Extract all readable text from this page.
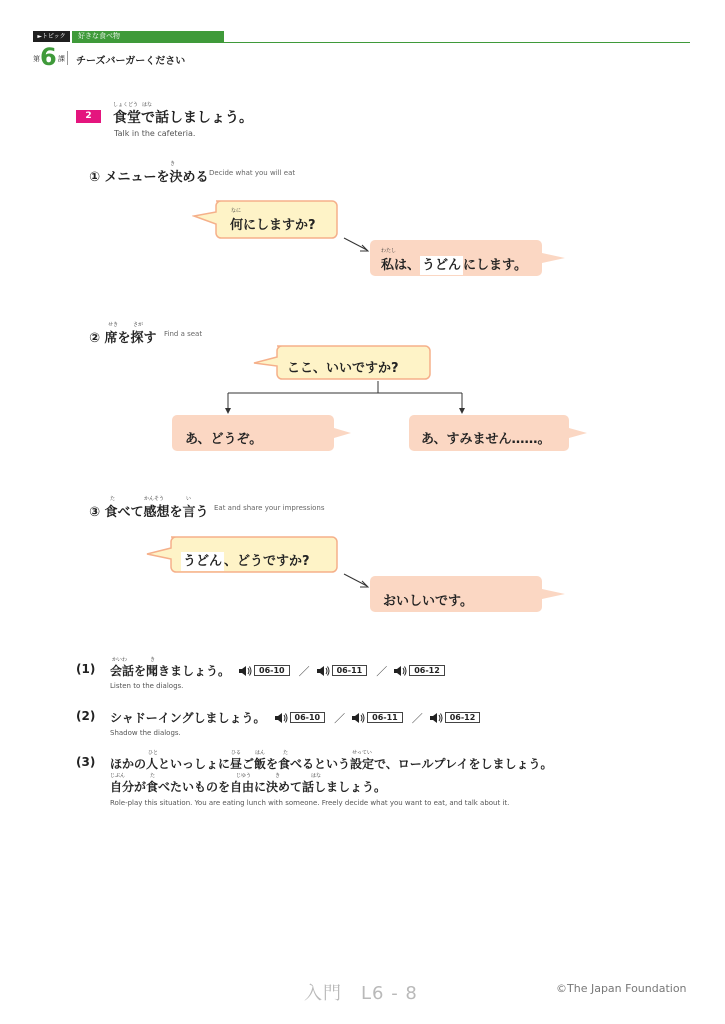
►トピック	好きな食べ物
第 6 課 チーズバーガーください
2
しょくどう はな
食堂で話しましょう。
Talk in the cafeteria.
き
① メニューを決める Decide what you will eat
なに
何にしますか?
わたし
私は、 うどん にします。
せき	さが
② 席を探す Find a seat
ここ、いいですか?
あ、どうぞ。	あ、すみません……。
た	かんそう	い
③ 食べて感想を言う Eat and share your impressions
うどん 、どうですか?
おいしいです。
かいわ	き
(1) 会話を聞きましょう。	06-10	／	06-11	／	06-12
Listen to the dialogs.
(2) シャドーイングしましょう。	06-10	／	06-11	／	06-12
Shadow the dialogs.
ひと	ひる	はん	た	せってい
(3) ほかの人といっしょに昼ご飯を食べるという設定で、ロールプレイをしましょう。
じぶん	た	じゆう	き	はな
自分が食べたいものを自由に決めて話しましょう。
Role-play this situation. You are eating lunch with someone. Freely decide what you want to eat, and talk about it.
入門　L6 - 8	©The Japan Foundation
